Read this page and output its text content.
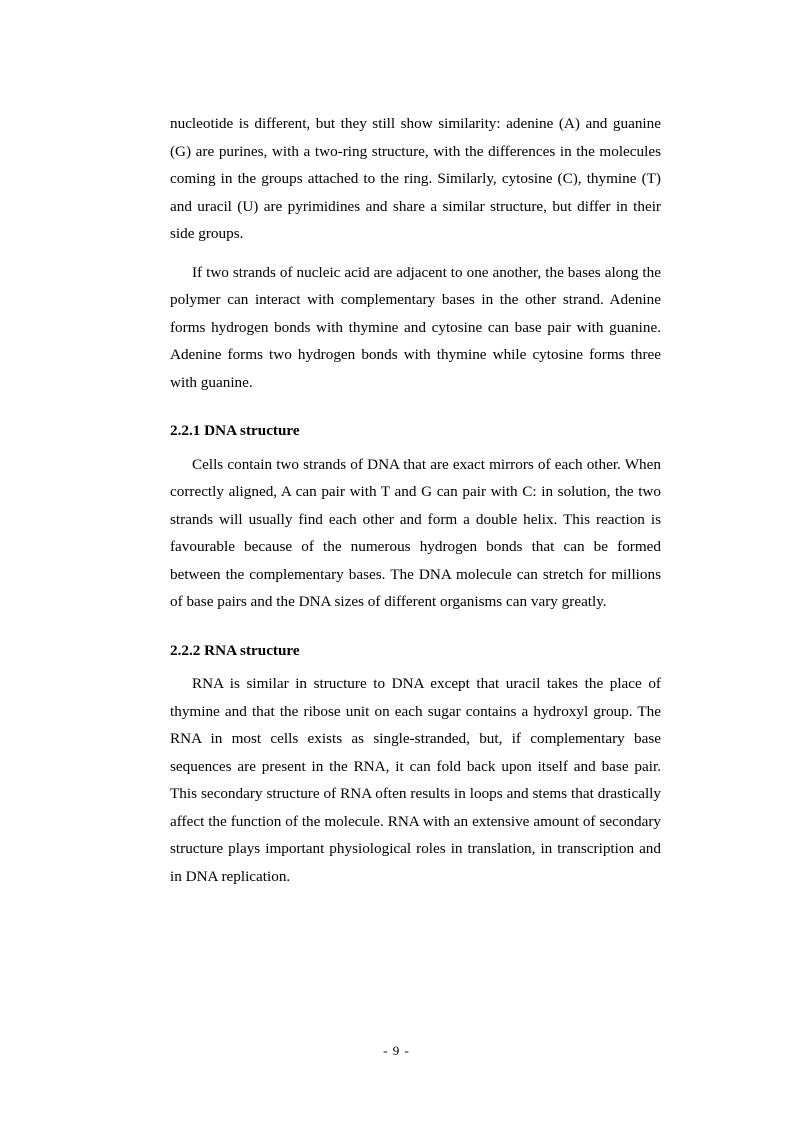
nucleotide is different, but they still show similarity: adenine (A) and guanine (G) are purines, with a two-ring structure, with the differences in the molecules coming in the groups attached to the ring. Similarly, cytosine (C), thymine (T) and uracil (U) are pyrimidines and share a similar structure, but differ in their side groups.

If two strands of nucleic acid are adjacent to one another, the bases along the polymer can interact with complementary bases in the other strand. Adenine forms hydrogen bonds with thymine and cytosine can base pair with guanine. Adenine forms two hydrogen bonds with thymine while cytosine forms three with guanine.

2.2.1 DNA structure

Cells contain two strands of DNA that are exact mirrors of each other. When correctly aligned, A can pair with T and G can pair with C: in solution, the two strands will usually find each other and form a double helix. This reaction is favourable because of the numerous hydrogen bonds that can be formed between the complementary bases. The DNA molecule can stretch for millions of base pairs and the DNA sizes of different organisms can vary greatly.

2.2.2 RNA structure

RNA is similar in structure to DNA except that uracil takes the place of thymine and that the ribose unit on each sugar contains a hydroxyl group. The RNA in most cells exists as single-stranded, but, if complementary base sequences are present in the RNA, it can fold back upon itself and base pair. This secondary structure of RNA often results in loops and stems that drastically affect the function of the molecule. RNA with an extensive amount of secondary structure plays important physiological roles in translation, in transcription and in DNA replication.

- 9 -
